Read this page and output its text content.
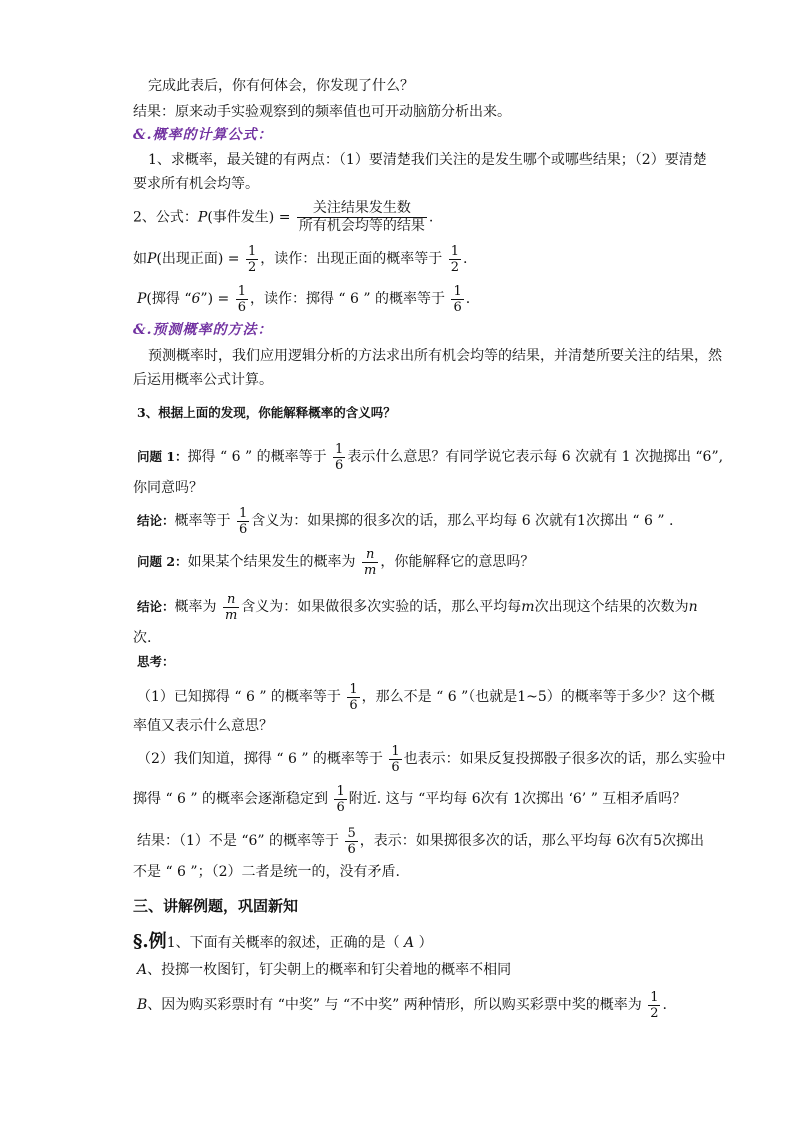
完成此表后，你有何体会，你发现了什么？
结果：原来动手实验观察到的频率值也可开动脑筋分析出来。
&.概率的计算公式：
1、求概率，最关键的有两点：（1）要清楚我们关注的是发生哪个或哪些结果；（2）要清楚
要求所有机会均等。
2、公式：P(事件发生) = $\frac{\text{关注结果发生数}}{\text{所有机会均等的结果}}$ .
如P(出现正面) = $\frac{1}{2}$ ，读作：出现正面的概率等于 $\frac{1}{2}$ .
P(掷得 “6”) = $\frac{1}{6}$ ，读作：掷得 “ 6 ” 的概率等于 $\frac{1}{6}$ .
&.预测概率的方法：
预测概率时，我们应用逻辑分析的方法求出所有机会均等的结果，并清楚所要关注的结果，然
后运用概率公式计算。
3、根据上面的发现，你能解释概率的含义吗？
问题 1：掷得 “ 6 ” 的概率等于 $\frac{1}{6}$ 表示什么意思？有同学说它表示每 6 次就有 1 次抛掷出 “6”,
你同意吗？
结论：概率等于 $\frac{1}{6}$ 含义为：如果掷的很多次的话，那么平均每 6 次就有1次掷出 “ 6 ” .
问题 2：如果某个结果发生的概率为 $\frac{n}{m}$ ，你能解释它的意思吗？
结论：概率为 $\frac{n}{m}$ 含义为：如果做很多次实验的话，那么平均每m次出现这个结果的次数为n
次.
思考：
（1）已知掷得 “ 6 ” 的概率等于 $\frac{1}{6}$ ，那么不是 “ 6 ”（也就是1~5）的概率等于多少？这个概
率值又表示什么意思？
（2）我们知道，掷得 “ 6 ” 的概率等于 $\frac{1}{6}$ 也表示：如果反复投掷骰子很多次的话，那么实验中
掷得 “ 6 ” 的概率会逐渐稳定到 $\frac{1}{6}$ 附近. 这与 “平均每 6次有 1次掷出 ‘6’ ” 互相矛盾吗？
结果：（1）不是 “6” 的概率等于 $\frac{5}{6}$ ，表示：如果掷很多次的话，那么平均每 6次有5次掷出
不是 “ 6 ”；（2）二者是统一的，没有矛盾.
三、讲解例题，巩固新知
§.例1、下面有关概率的叙述，正确的是（ A ）
A、投掷一枚图钉，钉尖朝上的概率和钉尖着地的概率不相同
B、因为购买彩票时有 “中奖” 与 “不中奖” 两种情形，所以购买彩票中奖的概率为 $\frac{1}{2}$ .
